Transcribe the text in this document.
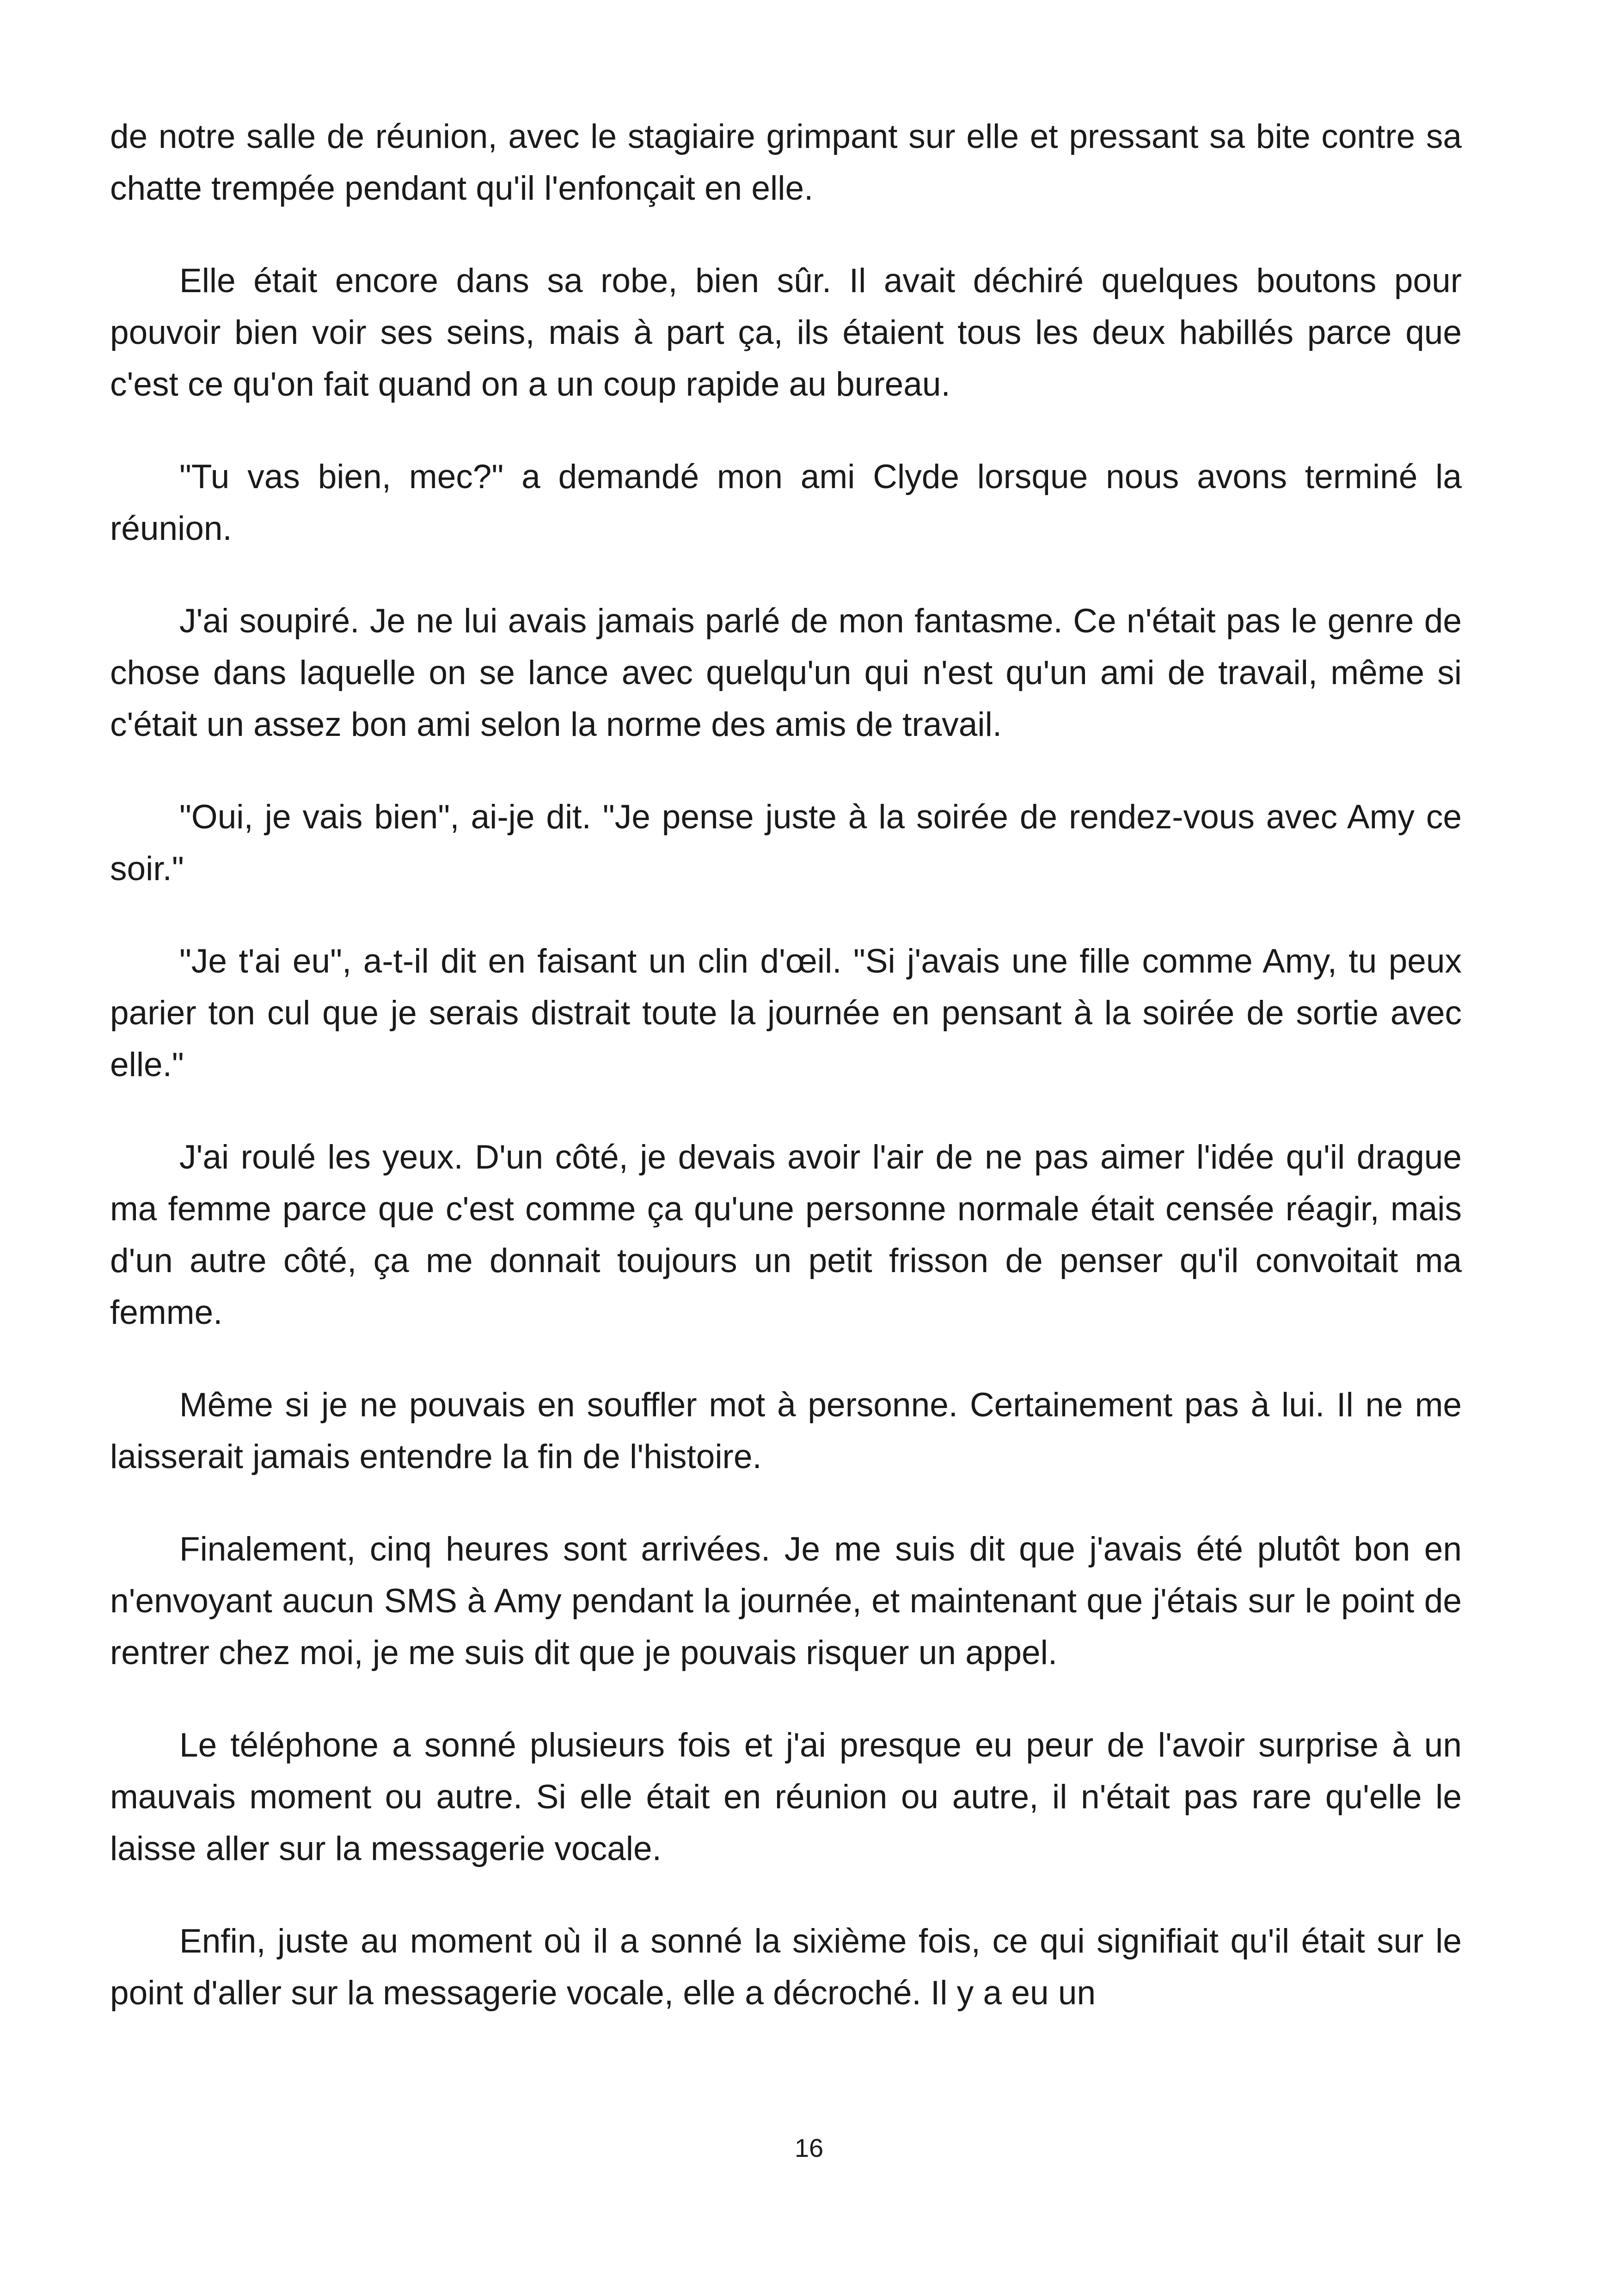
de notre salle de réunion, avec le stagiaire grimpant sur elle et pressant sa bite contre sa chatte trempée pendant qu'il l'enfonçait en elle.

Elle était encore dans sa robe, bien sûr. Il avait déchiré quelques boutons pour pouvoir bien voir ses seins, mais à part ça, ils étaient tous les deux habillés parce que c'est ce qu'on fait quand on a un coup rapide au bureau.

"Tu vas bien, mec?" a demandé mon ami Clyde lorsque nous avons terminé la réunion.

J'ai soupiré. Je ne lui avais jamais parlé de mon fantasme. Ce n'était pas le genre de chose dans laquelle on se lance avec quelqu'un qui n'est qu'un ami de travail, même si c'était un assez bon ami selon la norme des amis de travail.

"Oui, je vais bien", ai-je dit. "Je pense juste à la soirée de rendez-vous avec Amy ce soir."

"Je t'ai eu", a-t-il dit en faisant un clin d'œil. "Si j'avais une fille comme Amy, tu peux parier ton cul que je serais distrait toute la journée en pensant à la soirée de sortie avec elle."

J'ai roulé les yeux. D'un côté, je devais avoir l'air de ne pas aimer l'idée qu'il drague ma femme parce que c'est comme ça qu'une personne normale était censée réagir, mais d'un autre côté, ça me donnait toujours un petit frisson de penser qu'il convoitait ma femme.

Même si je ne pouvais en souffler mot à personne. Certainement pas à lui. Il ne me laisserait jamais entendre la fin de l'histoire.

Finalement, cinq heures sont arrivées. Je me suis dit que j'avais été plutôt bon en n'envoyant aucun SMS à Amy pendant la journée, et maintenant que j'étais sur le point de rentrer chez moi, je me suis dit que je pouvais risquer un appel.

Le téléphone a sonné plusieurs fois et j'ai presque eu peur de l'avoir surprise à un mauvais moment ou autre. Si elle était en réunion ou autre, il n'était pas rare qu'elle le laisse aller sur la messagerie vocale.

Enfin, juste au moment où il a sonné la sixième fois, ce qui signifiait qu'il était sur le point d'aller sur la messagerie vocale, elle a décroché. Il y a eu un

16
